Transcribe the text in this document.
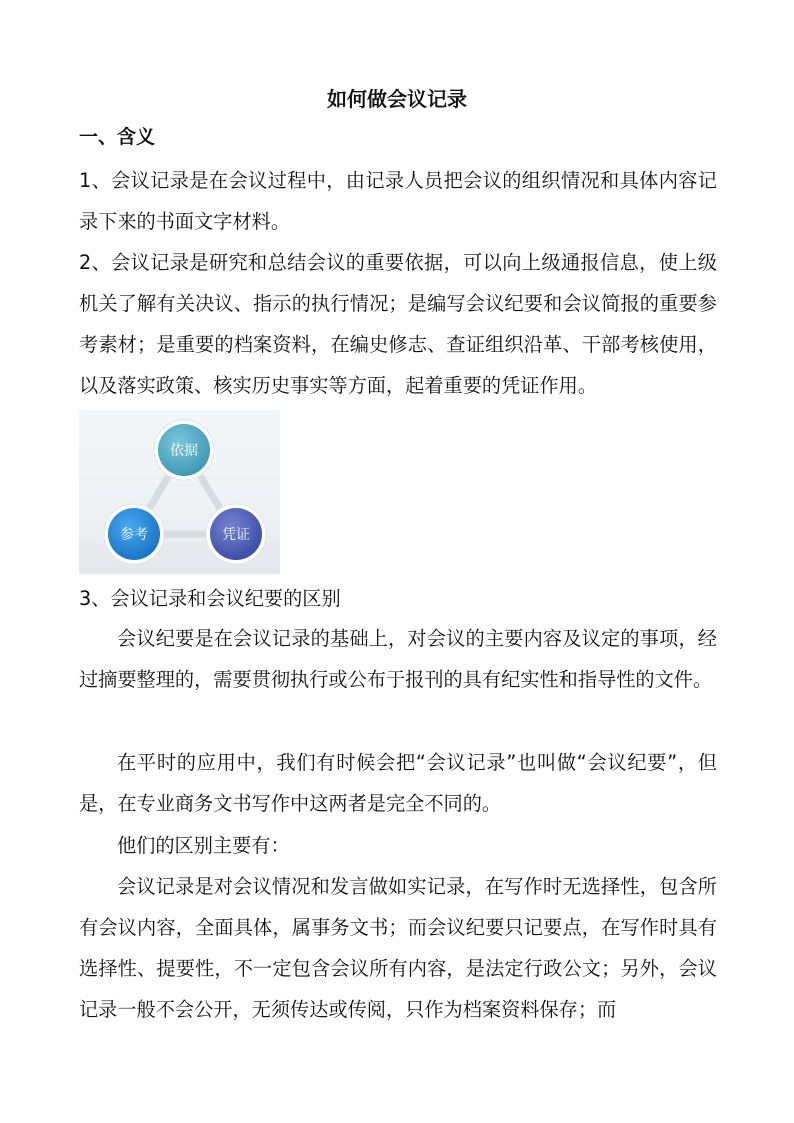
如何做会议记录
一、含义

1、会议记录是在会议过程中，由记录人员把会议的组织情况和具体内容记录下来的书面文字材料。

2、会议记录是研究和总结会议的重要依据，可以向上级通报信息，使上级机关了解有关决议、指示的执行情况；是编写会议纪要和会议简报的重要参考素材；是重要的档案资料，在编史修志、查证组织沿革、干部考核使用，以及落实政策、核实历史事实等方面，起着重要的凭证作用。

依据
参考	凭证

3、会议记录和会议纪要的区别

会议纪要是在会议记录的基础上，对会议的主要内容及议定的事项，经过摘要整理的，需要贯彻执行或公布于报刊的具有纪实性和指导性的文件。

在平时的应用中，我们有时候会把“会议记录”也叫做“会议纪要”，但是，在专业商务文书写作中这两者是完全不同的。

他们的区别主要有：

会议记录是对会议情况和发言做如实记录，在写作时无选择性，包含所有会议内容，全面具体，属事务文书；而会议纪要只记要点，在写作时具有选择性、提要性，不一定包含会议所有内容，是法定行政公文；另外，会议记录一般不会公开，无须传达或传阅，只作为档案资料保存；而
